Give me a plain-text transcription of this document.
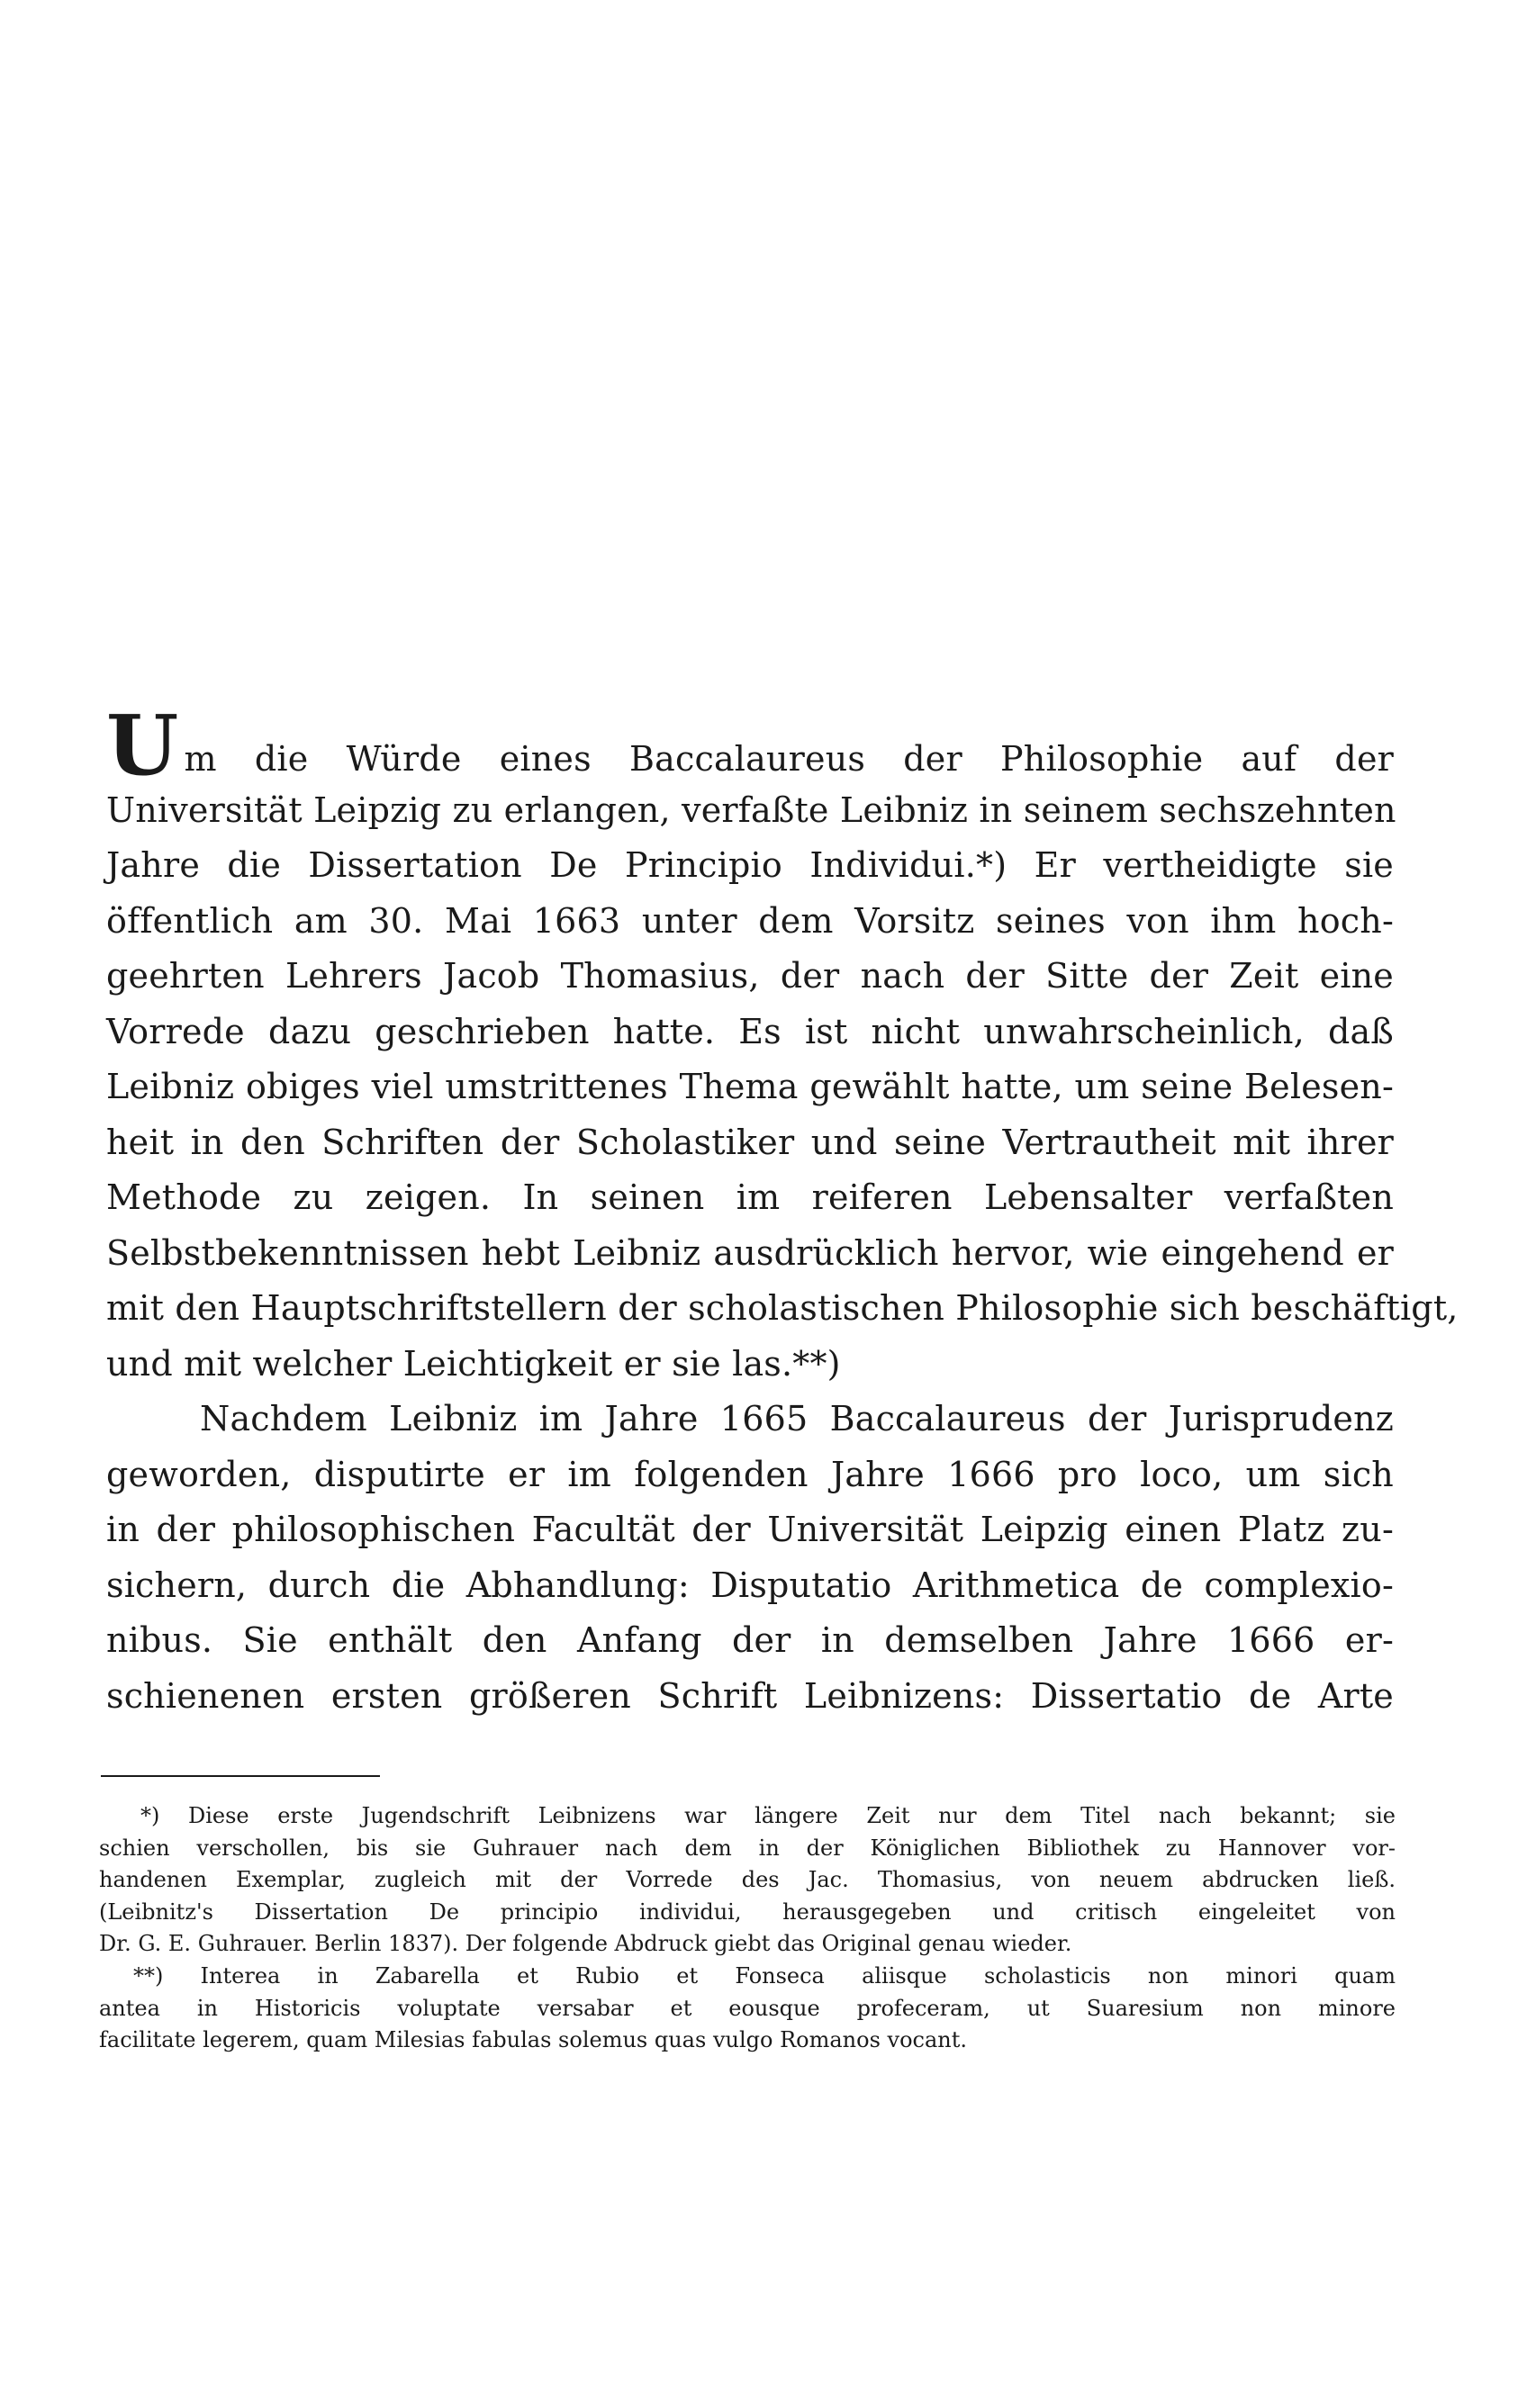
Um die Würde eines Baccalaureus der Philosophie auf der
Universität Leipzig zu erlangen, verfaßte Leibniz in seinem sechszehnten
Jahre die Dissertation De Principio Individui.*) Er vertheidigte sie
öffentlich am 30. Mai 1663 unter dem Vorsitz seines von ihm hoch-
geehrten Lehrers Jacob Thomasius, der nach der Sitte der Zeit eine
Vorrede dazu geschrieben hatte. Es ist nicht unwahrscheinlich, daß
Leibniz obiges viel umstrittenes Thema gewählt hatte, um seine Belesen-
heit in den Schriften der Scholastiker und seine Vertrautheit mit ihrer
Methode zu zeigen. In seinen im reiferen Lebensalter verfaßten
Selbstbekenntnissen hebt Leibniz ausdrücklich hervor, wie eingehend er
mit den Hauptschriftstellern der scholastischen Philosophie sich beschäftigt,
und mit welcher Leichtigkeit er sie las.**)
Nachdem Leibniz im Jahre 1665 Baccalaureus der Jurisprudenz
geworden, disputirte er im folgenden Jahre 1666 pro loco, um sich
in der philosophischen Facultät der Universität Leipzig einen Platz zu-
sichern, durch die Abhandlung: Disputatio Arithmetica de complexio-
nibus. Sie enthält den Anfang der in demselben Jahre 1666 er-
schienenen ersten größeren Schrift Leibnizens: Dissertatio de Arte
*) Diese erste Jugendschrift Leibnizens war längere Zeit nur dem Titel nach bekannt; sie
schien verschollen, bis sie Guhrauer nach dem in der Königlichen Bibliothek zu Hannover vor-
handenen Exemplar, zugleich mit der Vorrede des Jac. Thomasius, von neuem abdrucken ließ.
(Leibnitz's Dissertation De principio individui, herausgegeben und critisch eingeleitet von
Dr. G. E. Guhrauer. Berlin 1837). Der folgende Abdruck giebt das Original genau wieder.
**) Interea in Zabarella et Rubio et Fonseca aliisque scholasticis non minori quam
antea in Historicis voluptate versabar et eousque profeceram, ut Suaresium non minore
facilitate legerem, quam Milesias fabulas solemus quas vulgo Romanos vocant.
